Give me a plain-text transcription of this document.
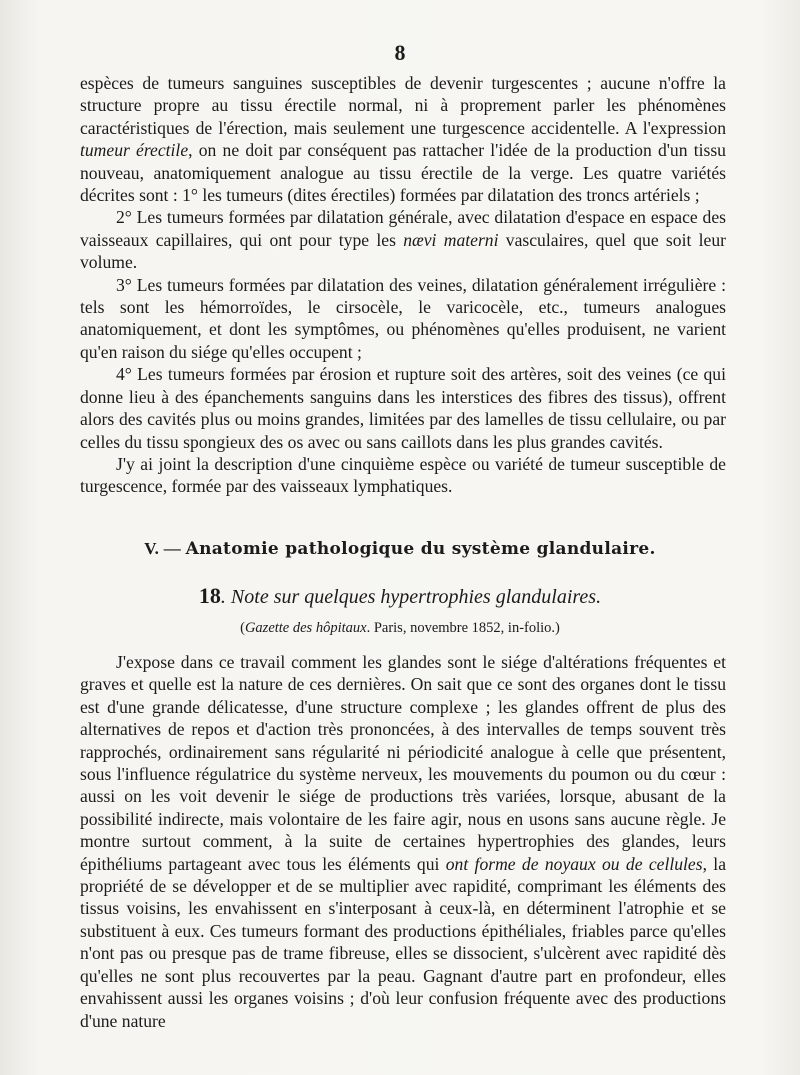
8

espèces de tumeurs sanguines susceptibles de devenir turgescentes ; aucune n'offre la structure propre au tissu érectile normal, ni à proprement parler les phénomènes caractéristiques de l'érection, mais seulement une turgescence accidentelle. A l'expression tumeur érectile, on ne doit par conséquent pas rattacher l'idée de la production d'un tissu nouveau, anatomiquement analogue au tissu érectile de la verge. Les quatre variétés décrites sont : 1° les tumeurs (dites érectiles) formées par dilatation des troncs artériels ;

2° Les tumeurs formées par dilatation générale, avec dilatation d'espace en espace des vaisseaux capillaires, qui ont pour type les nævi materni vasculaires, quel que soit leur volume.

3° Les tumeurs formées par dilatation des veines, dilatation généralement irrégulière : tels sont les hémorroïdes, le cirsocèle, le varicocèle, etc., tumeurs analogues anatomiquement, et dont les symptômes, ou phénomènes qu'elles produisent, ne varient qu'en raison du siége qu'elles occupent ;

4° Les tumeurs formées par érosion et rupture soit des artères, soit des veines (ce qui donne lieu à des épanchements sanguins dans les interstices des fibres des tissus), offrent alors des cavités plus ou moins grandes, limitées par des lamelles de tissu cellulaire, ou par celles du tissu spongieux des os avec ou sans caillots dans les plus grandes cavités.

J'y ai joint la description d'une cinquième espèce ou variété de tumeur susceptible de turgescence, formée par des vaisseaux lymphatiques.

V. — Anatomie pathologique du système glandulaire.
18. Note sur quelques hypertrophies glandulaires.
(Gazette des hôpitaux. Paris, novembre 1852, in-folio.)

J'expose dans ce travail comment les glandes sont le siége d'altérations fréquentes et graves et quelle est la nature de ces dernières. On sait que ce sont des organes dont le tissu est d'une grande délicatesse, d'une structure complexe ; les glandes offrent de plus des alternatives de repos et d'action très prononcées, à des intervalles de temps souvent très rapprochés, ordinairement sans régularité ni périodicité analogue à celle que présentent, sous l'influence régulatrice du système nerveux, les mouvements du poumon ou du cœur : aussi on les voit devenir le siége de productions très variées, lorsque, abusant de la possibilité indirecte, mais volontaire de les faire agir, nous en usons sans aucune règle. Je montre surtout comment, à la suite de certaines hypertrophies des glandes, leurs épithéliums partageant avec tous les éléments qui ont forme de noyaux ou de cellules, la propriété de se développer et de se multiplier avec rapidité, comprimant les éléments des tissus voisins, les envahissent en s'interposant à ceux-là, en déterminent l'atrophie et se substituent à eux. Ces tumeurs formant des productions épithéliales, friables parce qu'elles n'ont pas ou presque pas de trame fibreuse, elles se dissocient, s'ulcèrent avec rapidité dès qu'elles ne sont plus recouvertes par la peau. Gagnant d'autre part en profondeur, elles envahissent aussi les organes voisins ; d'où leur confusion fréquente avec des productions d'une nature
